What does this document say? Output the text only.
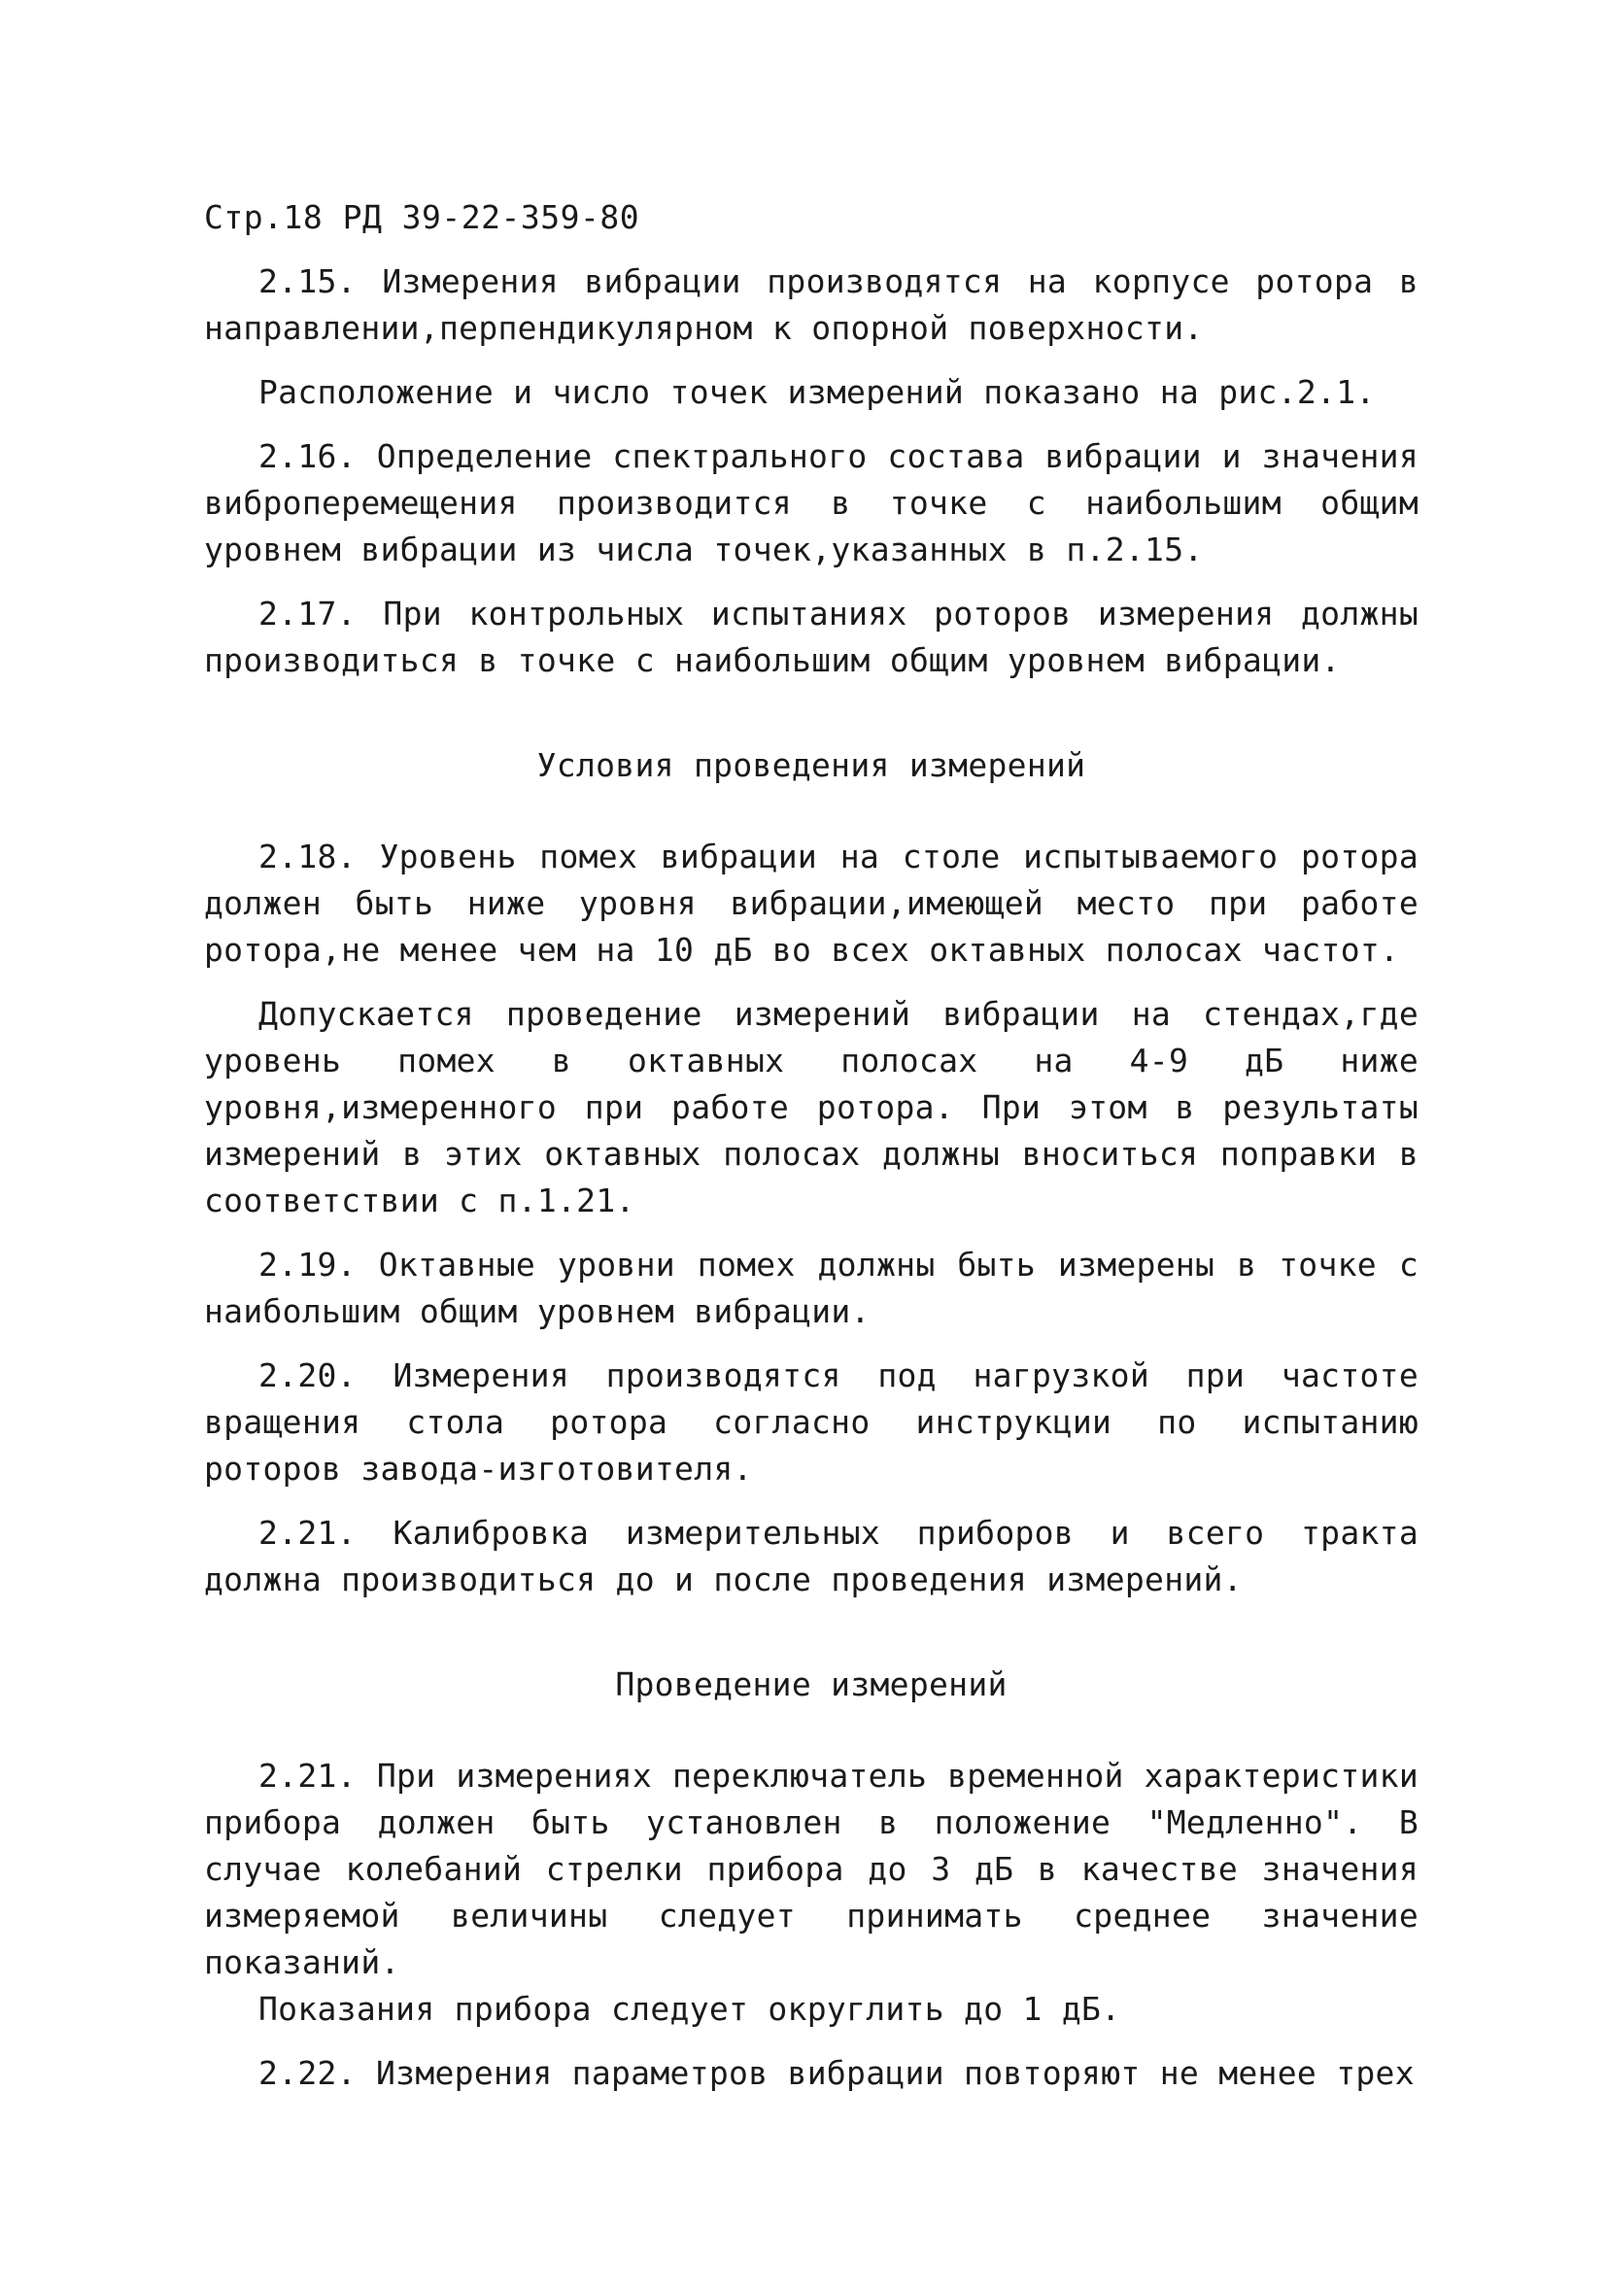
Стр.18 РД 39-22-359-80

2.15. Измерения вибрации производятся на корпусе ротора в направлении,перпендикулярном к опорной поверхности.

Расположение и число точек измерений показано на рис.2.1.

2.16. Определение спектрального состава вибрации и значения виброперемещения производится в точке с наибольшим общим уровнем вибрации из числа точек,указанных в п.2.15.

2.17. При контрольных испытаниях роторов измерения должны производиться в точке с наибольшим общим уровнем вибрации.

Условия проведения измерений

2.18. Уровень помех вибрации на столе испытываемого ротора должен быть ниже уровня вибрации,имеющей место при работе ротора,не менее чем на 10 дБ во всех октавных полосах частот.

Допускается проведение измерений вибрации на стендах,где уровень помех в октавных полосах на 4-9 дБ ниже уровня,измеренного при работе ротора. При этом в результаты измерений в этих октавных полосах должны вноситься поправки в соответствии с п.1.21.

2.19. Октавные уровни помех должны быть измерены в точке с наибольшим общим уровнем вибрации.

2.20. Измерения производятся под нагрузкой при частоте вращения стола ротора согласно инструкции по испытанию роторов завода-изготовителя.

2.21. Калибровка измерительных приборов и всего тракта должна производиться до и после проведения измерений.

Проведение измерений

2.21. При измерениях переключатель временной характеристики прибора должен быть установлен в положение "Медленно". В случае колебаний стрелки прибора до 3 дБ в качестве значения измеряемой величины следует принимать среднее значение показаний.

Показания прибора следует округлить до 1 дБ.

2.22. Измерения параметров вибрации повторяют не менее трех
